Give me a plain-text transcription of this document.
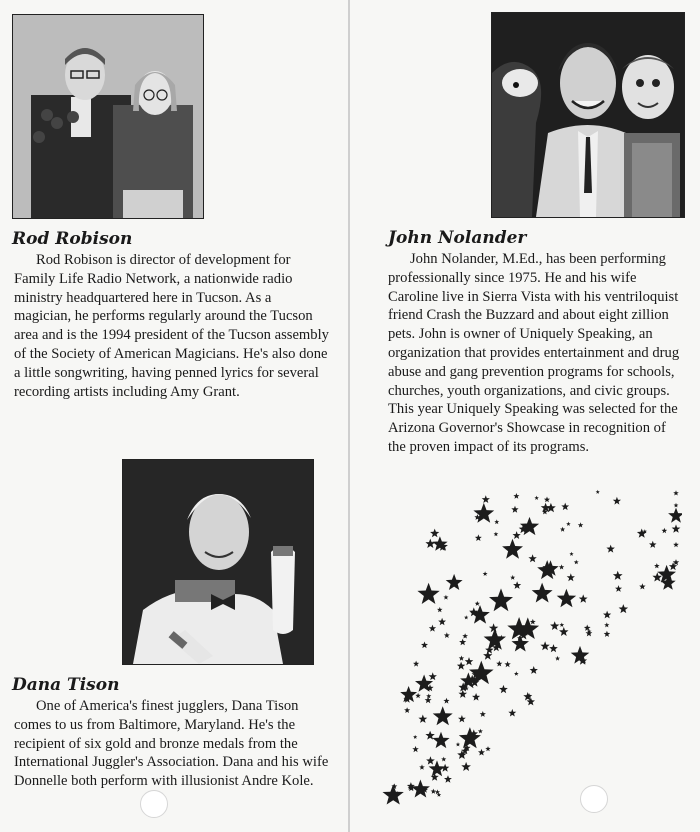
Rod Robison

Rod Robison is director of development for Family Life Radio Network, a nationwide radio ministry headquartered here in Tucson. As a magician, he performs regularly around the Tucson area and is the 1994 president of the Tucson assembly of the Society of American Magicians. He's also done a little songwriting, having penned lyrics for several recording artists including Amy Grant.

Dana Tison

One of America's finest jugglers, Dana Tison comes to us from Baltimore, Maryland. He's the recipient of six gold and bronze medals from the International Juggler's Association. Dana and his wife Donnelle both perform with illusionist Andre Kole.

John Nolander

John Nolander, M.Ed., has been performing professionally since 1975. He and his wife Caroline live in Sierra Vista with his ventriloquist friend Crash the Buzzard and about eight zillion pets. John is owner of Uniquely Speaking, an organization that provides entertainment and drug abuse and gang prevention programs for schools, churches, youth organizations, and civic groups. This year Uniquely Speaking was selected for the Arizona Governor's Showcase in recognition of the proven impact of its programs.
